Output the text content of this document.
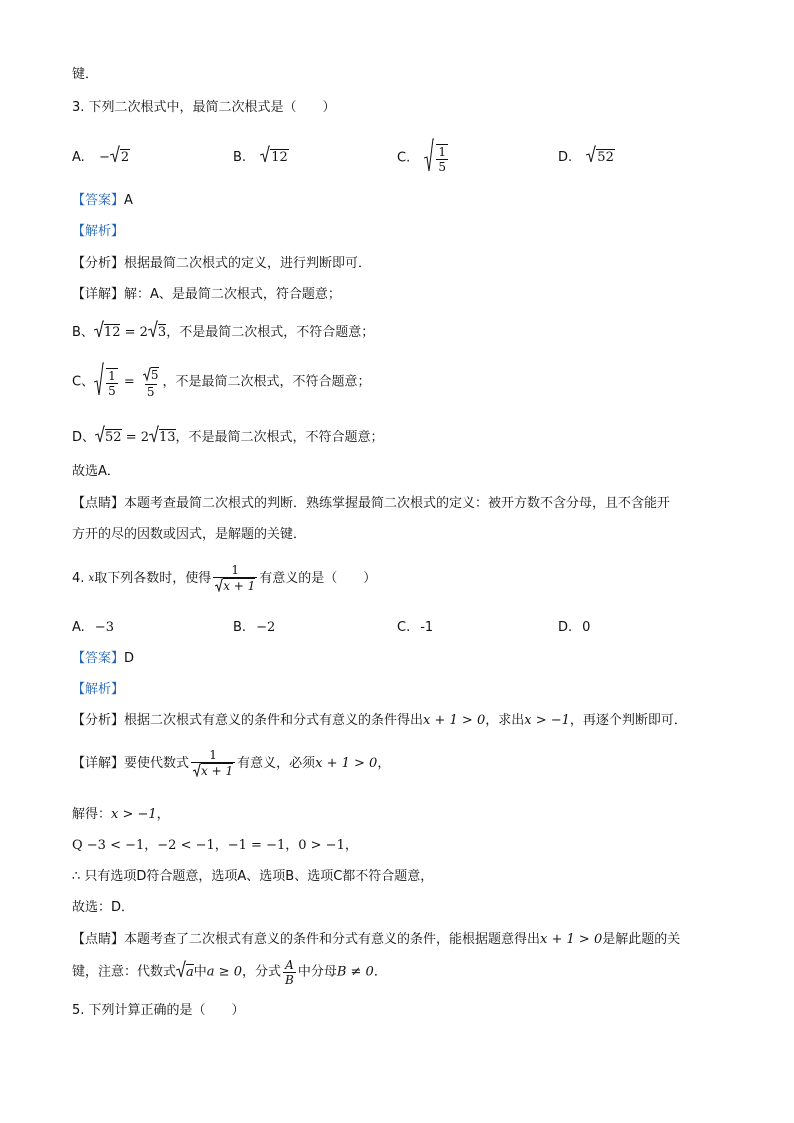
键．
3. 下列二次根式中，最简二次根式是（　　）
A. − 2	B. 12	C. $\frac{1}{5}$	D. 52
【答案】A
【解析】
【分析】根据最简二次根式的定义，进行判断即可．
【详解】解：A、是最简二次根式，符合题意；
B、 12 = 2 3，不是最简二次根式，不符合题意；
C、 $\frac{1}{5} = \frac{5}{5}$ ，不是最简二次根式，不符合题意；
D、 52 = 2 13，不是最简二次根式，不符合题意；
故选A．
【点睛】本题考查最简二次根式的判断．熟练掌握最简二次根式的定义：被开方数不含分母，且不含能开
方开的尽的因数或因式，是解题的关键．
4. x取下列各数时，使得 $\frac{1}{x + 1}$ 有意义的是（　　）
A. −3	B. −2	C. -1	D. 0
【答案】D
【解析】
【分析】根据二次根式有意义的条件和分式有意义的条件得出x + 1 > 0，求出x > −1，再逐个判断即可．
【详解】要使代数式 $\frac{1}{x + 1}$ 有意义，必须x + 1 > 0，
解得：x > −1，
Q −3 < −1，−2 < −1，−1 = −1，0 > −1，
∴ 只有选项D符合题意，选项A、选项B、选项C都不符合题意，
故选：D．
【点睛】本题考查了二次根式有意义的条件和分式有意义的条件，能根据题意得出x + 1 > 0是解此题的关
键，注意：代数式 a中a ≥ 0，分式 $\frac{A}{B}$ 中分母B ≠ 0．
5. 下列计算正确的是（　　）
